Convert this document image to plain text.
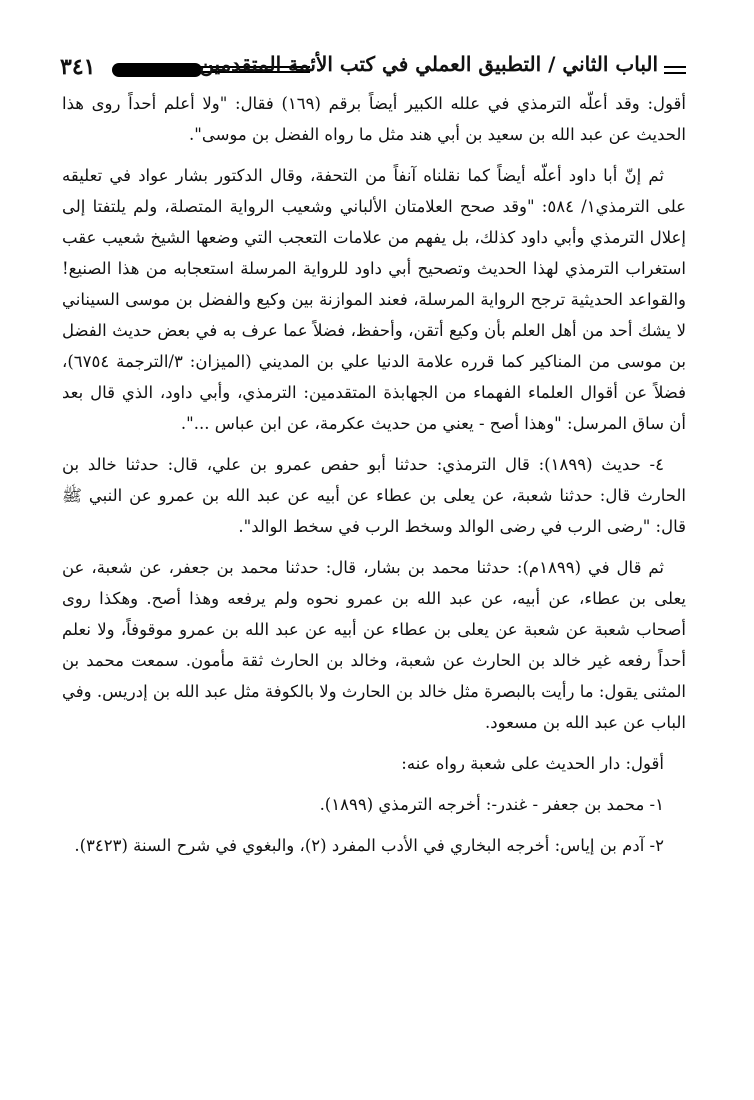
٣٤١	الباب الثاني / التطبيق العملي في كتب الأئمة المتقدمين

أقول: وقد أعلّه الترمذي في علله الكبير أيضاً برقم (١٦٩) فقال: "ولا أعلم أحداً روى هذا الحديث عن عبد الله بن سعيد بن أبي هند مثل ما رواه الفضل بن موسى".

ثم إنّ أبا داود أعلّه أيضاً كما نقلناه آنفاً من التحفة، وقال الدكتور بشار عواد في تعليقه على الترمذي١/ ٥٨٤: "وقد صحح العلامتان الألباني وشعيب الرواية المتصلة، ولم يلتفتا إلى إعلال الترمذي وأبي داود كذلك، بل يفهم من علامات التعجب التي وضعها الشيخ شعيب عقب استغراب الترمذي لهذا الحديث وتصحيح أبي داود للرواية المرسلة استعجابه من هذا الصنيع! والقواعد الحديثية ترجح الرواية المرسلة، فعند الموازنة بين وكيع والفضل بن موسى السيناني لا يشك أحد من أهل العلم بأن وكيع أتقن، وأحفظ، فضلاً عما عرف به في بعض حديث الفضل بن موسى من المناكير كما قرره علامة الدنيا علي بن المديني (الميزان: ٣/الترجمة ٦٧٥٤)، فضلاً عن أقوال العلماء الفهماء من الجهابذة المتقدمين: الترمذي، وأبي داود، الذي قال بعد أن ساق المرسل: "وهذا أصح - يعني من حديث عكرمة، عن ابن عباس ...".

٤- حديث (١٨٩٩): قال الترمذي: حدثنا أبو حفص عمرو بن علي، قال: حدثنا خالد بن الحارث قال: حدثنا شعبة، عن يعلى بن عطاء عن أبيه عن عبد الله بن عمرو عن النبي ﷺ قال: "رضى الرب في رضى الوالد وسخط الرب في سخط الوالد".

ثم قال في (١٨٩٩م): حدثنا محمد بن بشار، قال: حدثنا محمد بن جعفر، عن شعبة، عن يعلى بن عطاء، عن أبيه، عن عبد الله بن عمرو نحوه ولم يرفعه وهذا أصح. وهكذا روى أصحاب شعبة عن شعبة عن يعلى بن عطاء عن أبيه عن عبد الله بن عمرو موقوفاً، ولا نعلم أحداً رفعه غير خالد بن الحارث عن شعبة، وخالد بن الحارث ثقة مأمون. سمعت محمد بن المثنى يقول: ما رأيت بالبصرة مثل خالد بن الحارث ولا بالكوفة مثل عبد الله بن إدريس. وفي الباب عن عبد الله بن مسعود.

أقول: دار الحديث على شعبة رواه عنه:

١- محمد بن جعفر - غندر-: أخرجه الترمذي (١٨٩٩).

٢- آدم بن إياس: أخرجه البخاري في الأدب المفرد (٢)، والبغوي في شرح السنة (٣٤٢٣).
